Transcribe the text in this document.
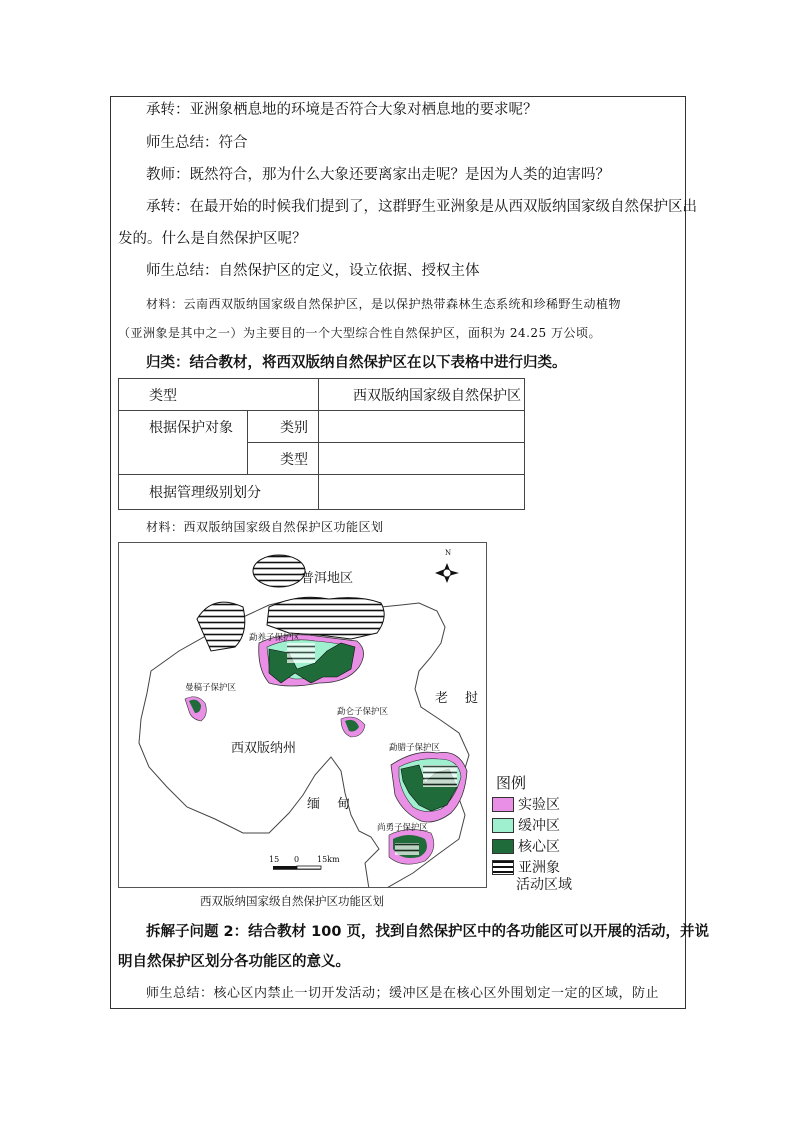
承转：亚洲象栖息地的环境是否符合大象对栖息地的要求呢？
师生总结：符合
教师：既然符合，那为什么大象还要离家出走呢？是因为人类的迫害吗？
承转：在最开始的时候我们提到了，这群野生亚洲象是从西双版纳国家级自然保护区出
发的。什么是自然保护区呢？
师生总结：自然保护区的定义，设立依据、授权主体
材料：云南西双版纳国家级自然保护区，是以保护热带森林生态系统和珍稀野生动植物
（亚洲象是其中之一）为主要目的一个大型综合性自然保护区，面积为 24.25 万公顷。
归类：结合教材，将西双版纳自然保护区在以下表格中进行归类。
类型		西双版纳国家级自然保护区
根据保护对象	类别	
	类型	
根据管理级别划分		
材料：西双版纳国家级自然保护区功能区划
普洱地区
西双版纳州
老 挝
缅 甸
勐养子保护区
曼稿子保护区
勐仑子保护区
勐腊子保护区
尚勇子保护区
N
15 0 15km
图例
实验区
缓冲区
核心区
亚洲象
活动区域
西双版纳国家级自然保护区功能区划
拆解子问题 2：结合教材 100 页，找到自然保护区中的各功能区可以开展的活动，并说
明自然保护区划分各功能区的意义。
师生总结：核心区内禁止一切开发活动；缓冲区是在核心区外围划定一定的区域，防止
